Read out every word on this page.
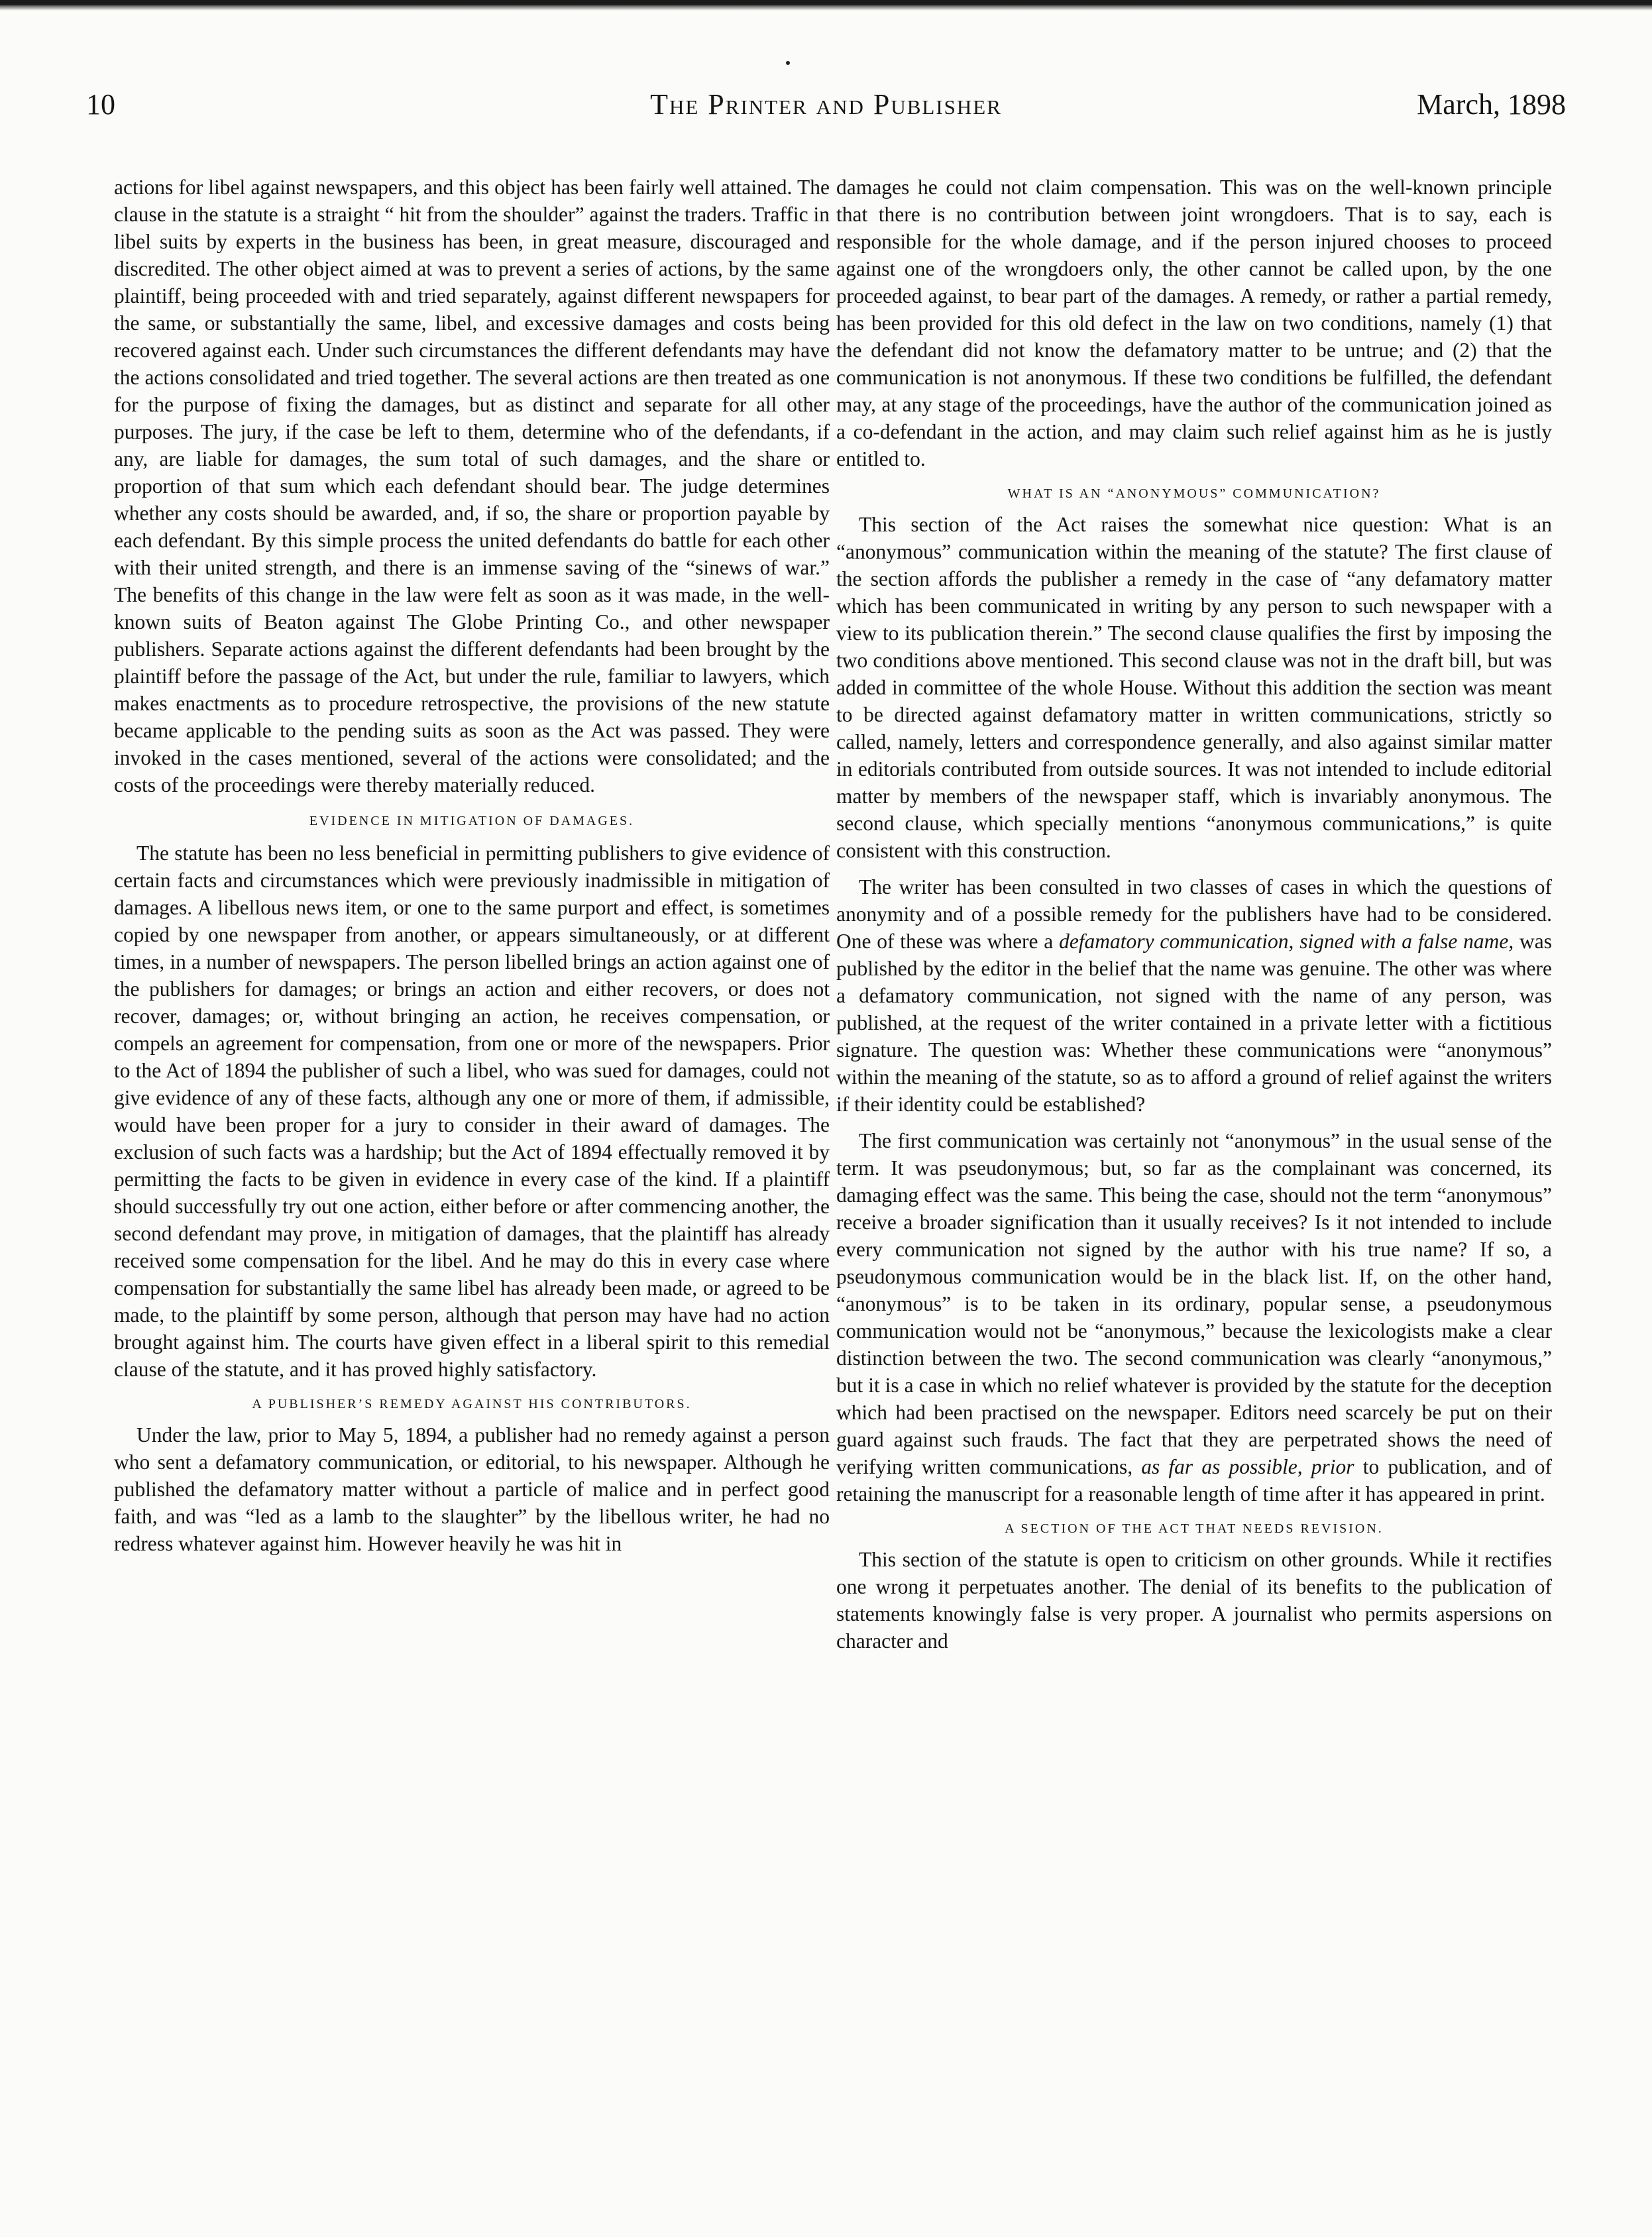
10	The Printer and Publisher	March, 1898

actions for libel against newspapers, and this object has been fairly well attained. The clause in the statute is a straight “ hit from the shoulder” against the traders. Traffic in libel suits by experts in the business has been, in great measure, discouraged and discredited. The other object aimed at was to prevent a series of actions, by the same plaintiff, being proceeded with and tried separately, against different newspapers for the same, or substantially the same, libel, and excessive damages and costs being recovered against each. Under such circumstances the different defendants may have the actions consolidated and tried together. The several actions are then treated as one for the purpose of fixing the damages, but as distinct and separate for all other purposes. The jury, if the case be left to them, determine who of the defendants, if any, are liable for damages, the sum total of such damages, and the share or proportion of that sum which each defendant should bear. The judge determines whether any costs should be awarded, and, if so, the share or proportion payable by each defendant. By this simple process the united defendants do battle for each other with their united strength, and there is an immense saving of the “sinews of war.” The benefits of this change in the law were felt as soon as it was made, in the well-known suits of Beaton against The Globe Printing Co., and other newspaper publishers. Separate actions against the different defendants had been brought by the plaintiff before the passage of the Act, but under the rule, familiar to lawyers, which makes enactments as to procedure retrospective, the provisions of the new statute became applicable to the pending suits as soon as the Act was passed. They were invoked in the cases mentioned, several of the actions were consolidated; and the costs of the proceedings were thereby materially reduced.

EVIDENCE IN MITIGATION OF DAMAGES.

The statute has been no less beneficial in permitting publishers to give evidence of certain facts and circumstances which were previously inadmissible in mitigation of damages. A libellous news item, or one to the same purport and effect, is sometimes copied by one newspaper from another, or appears simultaneously, or at different times, in a number of newspapers. The person libelled brings an action against one of the publishers for damages; or brings an action and either recovers, or does not recover, damages; or, without bringing an action, he receives compensation, or compels an agreement for compensation, from one or more of the newspapers. Prior to the Act of 1894 the publisher of such a libel, who was sued for damages, could not give evidence of any of these facts, although any one or more of them, if admissible, would have been proper for a jury to consider in their award of damages. The exclusion of such facts was a hardship; but the Act of 1894 effectually removed it by permitting the facts to be given in evidence in every case of the kind. If a plaintiff should successfully try out one action, either before or after commencing another, the second defendant may prove, in mitigation of damages, that the plaintiff has already received some compensation for the libel. And he may do this in every case where compensation for substantially the same libel has already been made, or agreed to be made, to the plaintiff by some person, although that person may have had no action brought against him. The courts have given effect in a liberal spirit to this remedial clause of the statute, and it has proved highly satisfactory.

A PUBLISHER’S REMEDY AGAINST HIS CONTRIBUTORS.

Under the law, prior to May 5, 1894, a publisher had no remedy against a person who sent a defamatory communication, or editorial, to his newspaper. Although he published the defamatory matter without a particle of malice and in perfect good faith, and was “led as a lamb to the slaughter” by the libellous writer, he had no redress whatever against him. However heavily he was hit in

damages he could not claim compensation. This was on the well-known principle that there is no contribution between joint wrongdoers. That is to say, each is responsible for the whole damage, and if the person injured chooses to proceed against one of the wrongdoers only, the other cannot be called upon, by the one proceeded against, to bear part of the damages. A remedy, or rather a partial remedy, has been provided for this old defect in the law on two conditions, namely (1) that the defendant did not know the defamatory matter to be untrue; and (2) that the communication is not anonymous. If these two conditions be fulfilled, the defendant may, at any stage of the proceedings, have the author of the communication joined as a co-defendant in the action, and may claim such relief against him as he is justly entitled to.

WHAT IS AN “ANONYMOUS” COMMUNICATION?

This section of the Act raises the somewhat nice question: What is an “anonymous” communication within the meaning of the statute? The first clause of the section affords the publisher a remedy in the case of “any defamatory matter which has been communicated in writing by any person to such newspaper with a view to its publication therein.” The second clause qualifies the first by imposing the two conditions above mentioned. This second clause was not in the draft bill, but was added in committee of the whole House. Without this addition the section was meant to be directed against defamatory matter in written communications, strictly so called, namely, letters and correspondence generally, and also against similar matter in editorials contributed from outside sources. It was not intended to include editorial matter by members of the newspaper staff, which is invariably anonymous. The second clause, which specially mentions “anonymous communications,” is quite consistent with this construction.

The writer has been consulted in two classes of cases in which the questions of anonymity and of a possible remedy for the publishers have had to be considered. One of these was where a defamatory communication, signed with a false name, was published by the editor in the belief that the name was genuine. The other was where a defamatory communication, not signed with the name of any person, was published, at the request of the writer contained in a private letter with a fictitious signature. The question was: Whether these communications were “anonymous” within the meaning of the statute, so as to afford a ground of relief against the writers if their identity could be established?

The first communication was certainly not “anonymous” in the usual sense of the term. It was pseudonymous; but, so far as the complainant was concerned, its damaging effect was the same. This being the case, should not the term “anonymous” receive a broader signification than it usually receives? Is it not intended to include every communication not signed by the author with his true name? If so, a pseudonymous communication would be in the black list. If, on the other hand, “anonymous” is to be taken in its ordinary, popular sense, a pseudonymous communication would not be “anonymous,” because the lexicologists make a clear distinction between the two. The second communication was clearly “anonymous,” but it is a case in which no relief whatever is provided by the statute for the deception which had been practised on the newspaper. Editors need scarcely be put on their guard against such frauds. The fact that they are perpetrated shows the need of verifying written communications, as far as possible, prior to publication, and of retaining the manuscript for a reasonable length of time after it has appeared in print.

A SECTION OF THE ACT THAT NEEDS REVISION.

This section of the statute is open to criticism on other grounds. While it rectifies one wrong it perpetuates another. The denial of its benefits to the publication of statements knowingly false is very proper. A journalist who permits aspersions on character and
